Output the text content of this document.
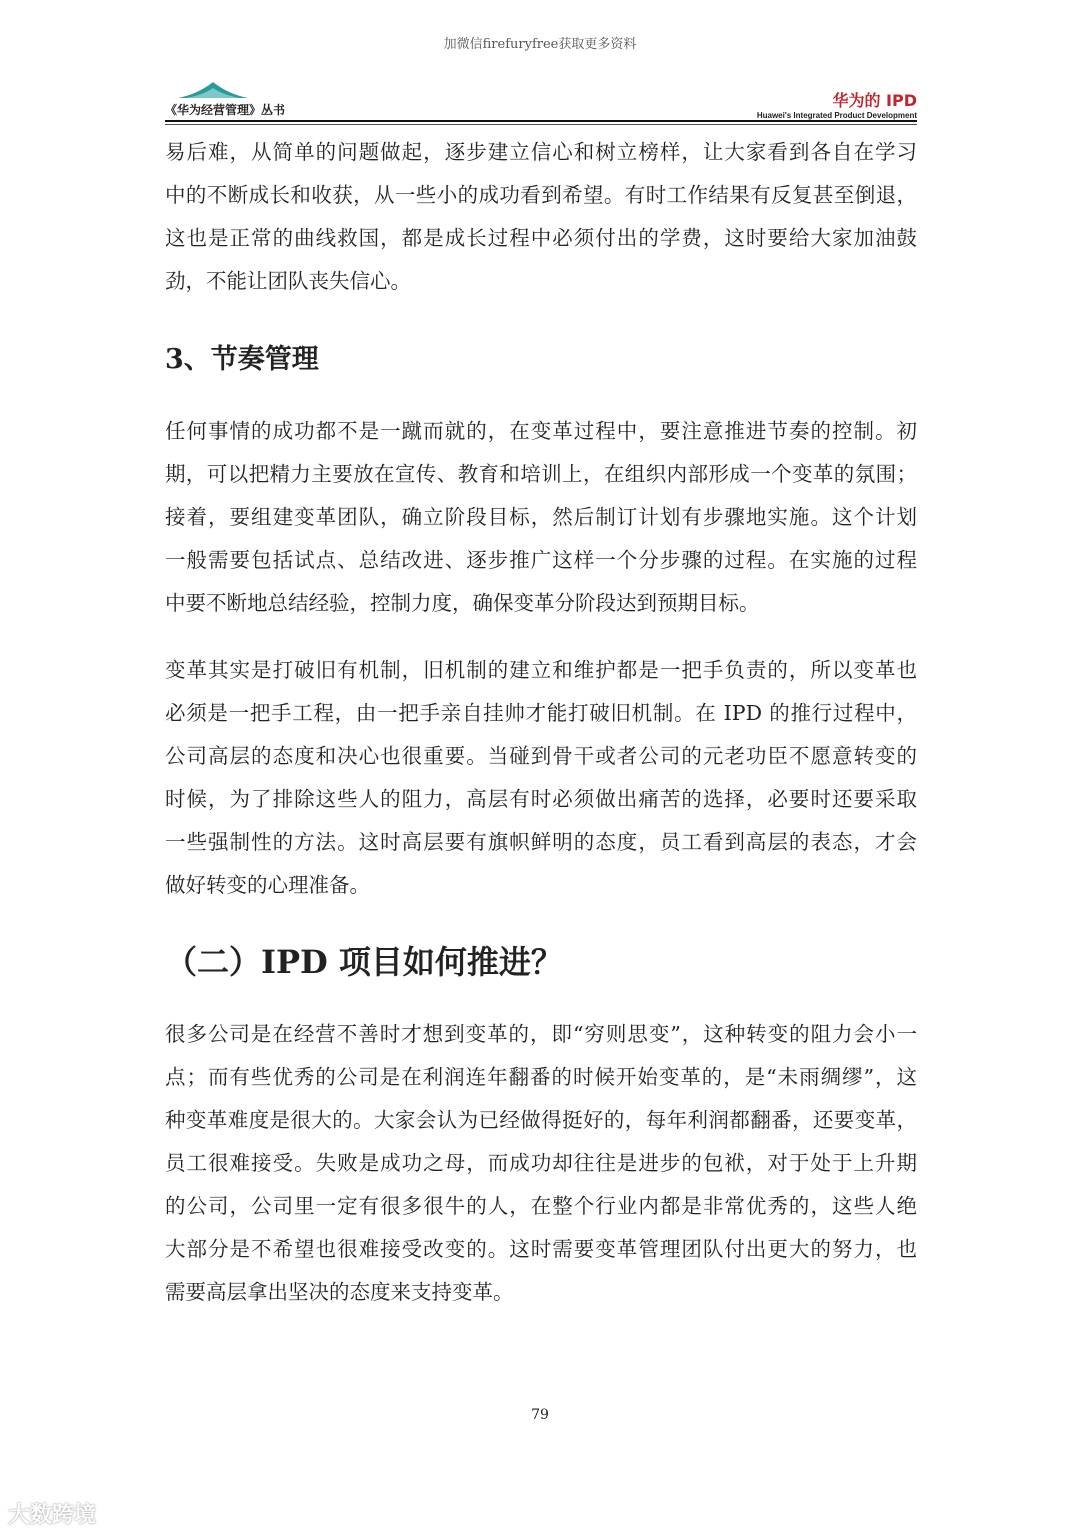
加微信firefuryfree获取更多资料
《华为经营管理》丛书	华为的 IPD
Huawei's Integrated Product Development
易后难，从简单的问题做起，逐步建立信心和树立榜样，让大家看到各自在学习
中的不断成长和收获，从一些小的成功看到希望。有时工作结果有反复甚至倒退，
这也是正常的曲线救国，都是成长过程中必须付出的学费，这时要给大家加油鼓
劲，不能让团队丧失信心。
3、节奏管理
任何事情的成功都不是一蹴而就的，在变革过程中，要注意推进节奏的控制。初
期，可以把精力主要放在宣传、教育和培训上，在组织内部形成一个变革的氛围；
接着，要组建变革团队，确立阶段目标，然后制订计划有步骤地实施。这个计划
一般需要包括试点、总结改进、逐步推广这样一个分步骤的过程。在实施的过程
中要不断地总结经验，控制力度，确保变革分阶段达到预期目标。
变革其实是打破旧有机制，旧机制的建立和维护都是一把手负责的，所以变革也
必须是一把手工程，由一把手亲自挂帅才能打破旧机制。在 IPD 的推行过程中，
公司高层的态度和决心也很重要。当碰到骨干或者公司的元老功臣不愿意转变的
时候，为了排除这些人的阻力，高层有时必须做出痛苦的选择，必要时还要采取
一些强制性的方法。这时高层要有旗帜鲜明的态度，员工看到高层的表态，才会
做好转变的心理准备。
（二）IPD 项目如何推进？
很多公司是在经营不善时才想到变革的，即“穷则思变”，这种转变的阻力会小一
点；而有些优秀的公司是在利润连年翻番的时候开始变革的，是“未雨绸缪”，这
种变革难度是很大的。大家会认为已经做得挺好的，每年利润都翻番，还要变革，
员工很难接受。失败是成功之母，而成功却往往是进步的包袱，对于处于上升期
的公司，公司里一定有很多很牛的人，在整个行业内都是非常优秀的，这些人绝
大部分是不希望也很难接受改变的。这时需要变革管理团队付出更大的努力，也
需要高层拿出坚决的态度来支持变革。
79
大数跨境
